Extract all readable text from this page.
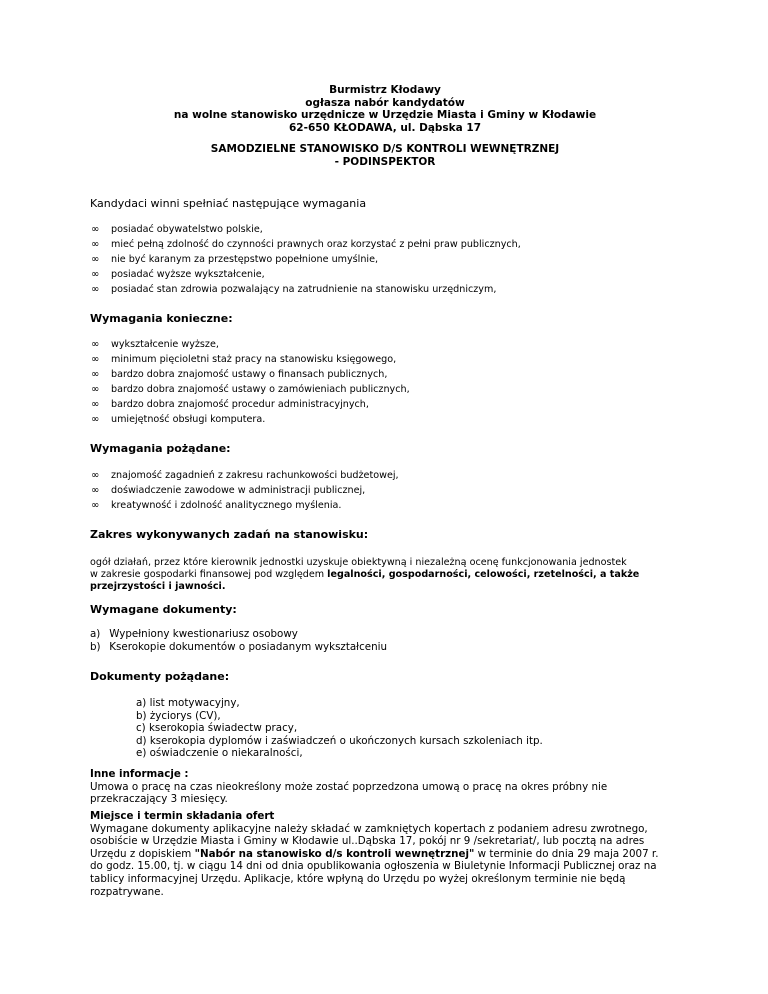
Burmistrz Kłodawy
ogłasza nabór kandydatów
na wolne stanowisko urzędnicze w Urzędzie Miasta i Gminy w Kłodawie
62-650 KŁODAWA, ul. Dąbska 17
SAMODZIELNE STANOWISKO D/S KONTROLI WEWNĘTRZNEJ
- PODINSPEKTOR
Kandydaci winni spełniać następujące wymagania
∞	posiadać obywatelstwo polskie,
∞	mieć pełną zdolność do czynności prawnych oraz korzystać z pełni praw publicznych,
∞	nie być karanym za przestępstwo popełnione umyślnie,
∞	posiadać wyższe wykształcenie,
∞	posiadać stan zdrowia pozwalający na zatrudnienie na stanowisku urzędniczym,
Wymagania konieczne:
∞	wykształcenie wyższe,
∞	minimum pięcioletni staż pracy na stanowisku księgowego,
∞	bardzo dobra znajomość ustawy o finansach publicznych,
∞	bardzo dobra znajomość ustawy o zamówieniach publicznych,
∞	bardzo dobra znajomość procedur administracyjnych,
∞	umiejętność obsługi komputera.
Wymagania pożądane:
∞	znajomość zagadnień z zakresu rachunkowości budżetowej,
∞	doświadczenie zawodowe w administracji publicznej,
∞	kreatywność i zdolność analitycznego myślenia.
Zakres wykonywanych zadań na stanowisku:
ogół działań, przez które kierownik jednostki uzyskuje obiektywną i niezależną ocenę funkcjonowania jednostek
w zakresie gospodarki finansowej pod względem legalności, gospodarności, celowości, rzetelności, a także
przejrzystości i jawności.
Wymagane dokumenty:
a) Wypełniony kwestionariusz osobowy
b) Kserokopie dokumentów o posiadanym wykształceniu
Dokumenty pożądane:
a) list motywacyjny,
b) życiorys (CV),
c) kserokopia świadectw pracy,
d) kserokopia dyplomów i zaświadczeń o ukończonych kursach szkoleniach itp.
e) oświadczenie o niekaralności,
Inne informacje :
Umowa o pracę na czas nieokreślony może zostać poprzedzona umową o pracę na okres próbny nie
przekraczający 3 miesięcy.
Miejsce i termin składania ofert
Wymagane dokumenty aplikacyjne należy składać w zamkniętych kopertach z podaniem adresu zwrotnego,
osobiście w Urzędzie Miasta i Gminy w Kłodawie ul..Dąbska 17, pokój nr 9 /sekretariat/, lub pocztą na adres
Urzędu z dopiskiem "Nabór na stanowisko d/s kontroli wewnętrznej" w terminie do dnia 29 maja 2007 r.
do godz. 15.00, tj. w ciągu 14 dni od dnia opublikowania ogłoszenia w Biuletynie Informacji Publicznej oraz na
tablicy informacyjnej Urzędu. Aplikacje, które wpłyną do Urzędu po wyżej określonym terminie nie będą
rozpatrywane.
